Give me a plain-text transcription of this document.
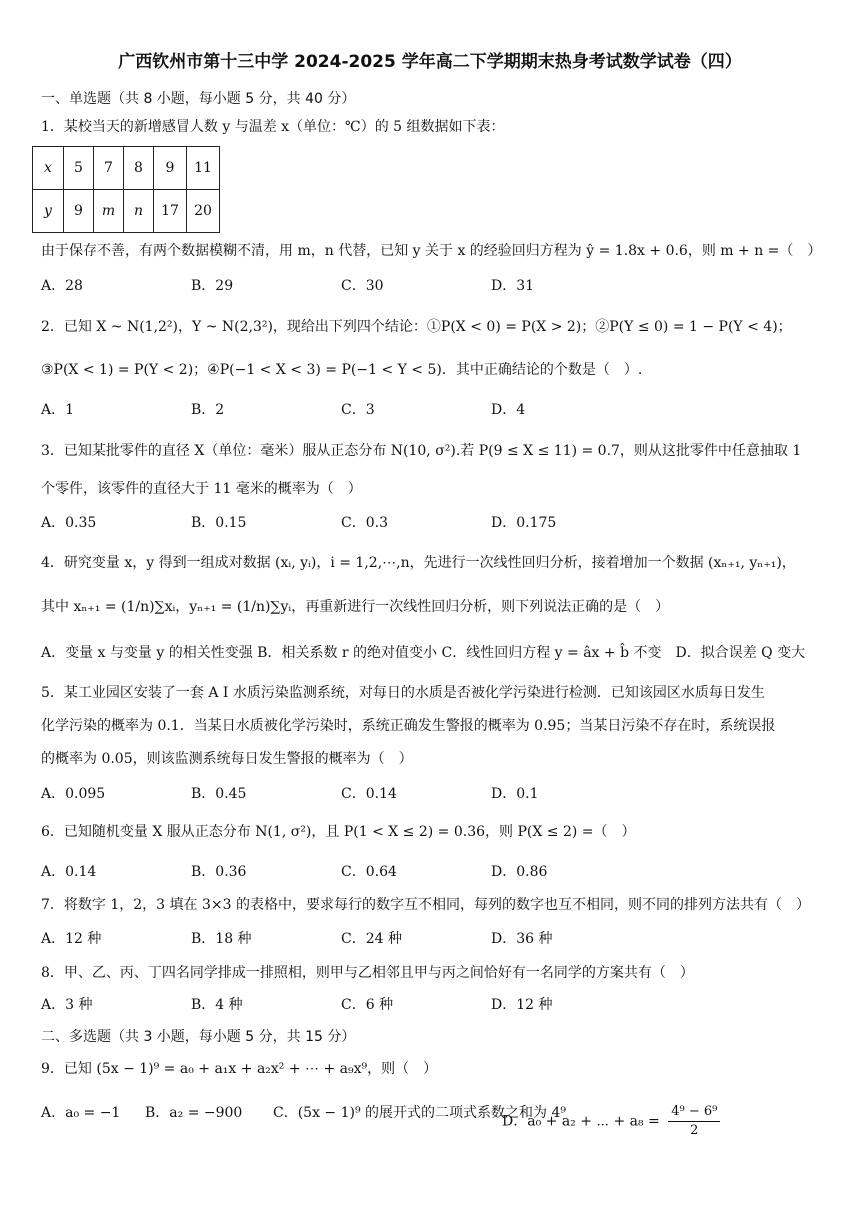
广西钦州市第十三中学 2024-2025 学年高二下学期期末热身考试数学试卷（四）
一、单选题（共 8 小题，每小题 5 分，共 40 分）
1．某校当天的新增感冒人数 y 与温差 x（单位：℃）的 5 组数据如下表：
x	5	7	8	9	11
y	9	m	n	17	20
由于保存不善，有两个数据模糊不清，用 m，n 代替，已知 y 关于 x 的经验回归方程为 ŷ = 1.8x + 0.6，则 m + n =（　）
A．28	B．29	C．30	D．31
2．已知 X ~ N(1,2²)，Y ~ N(2,3²)，现给出下列四个结论：①P(X < 0) = P(X > 2)；②P(Y ≤ 0) = 1 − P(Y < 4)；
③P(X < 1) = P(Y < 2)；④P(−1 < X < 3) = P(−1 < Y < 5)．其中正确结论的个数是（　）.
A．1	B．2	C．3	D．4
3．已知某批零件的直径 X（单位：毫米）服从正态分布 N(10, σ²).若 P(9 ≤ X ≤ 11) = 0.7，则从这批零件中任意抽取 1
个零件，该零件的直径大于 11 毫米的概率为（　）
A．0.35	B．0.15	C．0.3	D．0.175
4．研究变量 x，y 得到一组成对数据 (xᵢ, yᵢ)，i = 1,2,⋯,n，先进行一次线性回归分析，接着增加一个数据 (xₙ₊₁, yₙ₊₁)，
其中 xₙ₊₁ = (1/n)∑xᵢ，yₙ₊₁ = (1/n)∑yᵢ，再重新进行一次线性回归分析，则下列说法正确的是（　）
A．变量 x 与变量 y 的相关性变强 B．相关系数 r 的绝对值变小 C．线性回归方程 y = âx + b̂ 不变　D．拟合误差 Q 变大
5．某工业园区安装了一套 A I 水质污染监测系统，对每日的水质是否被化学污染进行检测．已知该园区水质每日发生
化学污染的概率为 0.1．当某日水质被化学污染时，系统正确发生警报的概率为 0.95；当某日污染不存在时，系统误报
的概率为 0.05，则该监测系统每日发生警报的概率为（　）
A．0.095	B．0.45	C．0.14	D．0.1
6．已知随机变量 X 服从正态分布 N(1, σ²)，且 P(1 < X ≤ 2) = 0.36，则 P(X ≤ 2) =（　）
A．0.14	B．0.36	C．0.64	D．0.86
7．将数字 1，2，3 填在 3×3 的表格中，要求每行的数字互不相同，每列的数字也互不相同，则不同的排列方法共有（　）
A．12 种	B．18 种	C．24 种	D．36 种
8．甲、乙、丙、丁四名同学排成一排照相，则甲与乙相邻且甲与丙之间恰好有一名同学的方案共有（　）
A．3 种	B．4 种	C．6 种	D．12 种
二、多选题（共 3 小题，每小题 5 分，共 15 分）
9．已知 (5x − 1)⁹ = a₀ + a₁x + a₂x² + ⋯ + a₉x⁹，则（　）
A．a₀ = −1 B．a₂ = −900 C．(5x − 1)⁹ 的展开式的二项式系数之和为 4⁹
D．a₀ + a₂ + ⋯ + $a_8 = \frac{\text{4⁹ − 6⁹}}{2}$
